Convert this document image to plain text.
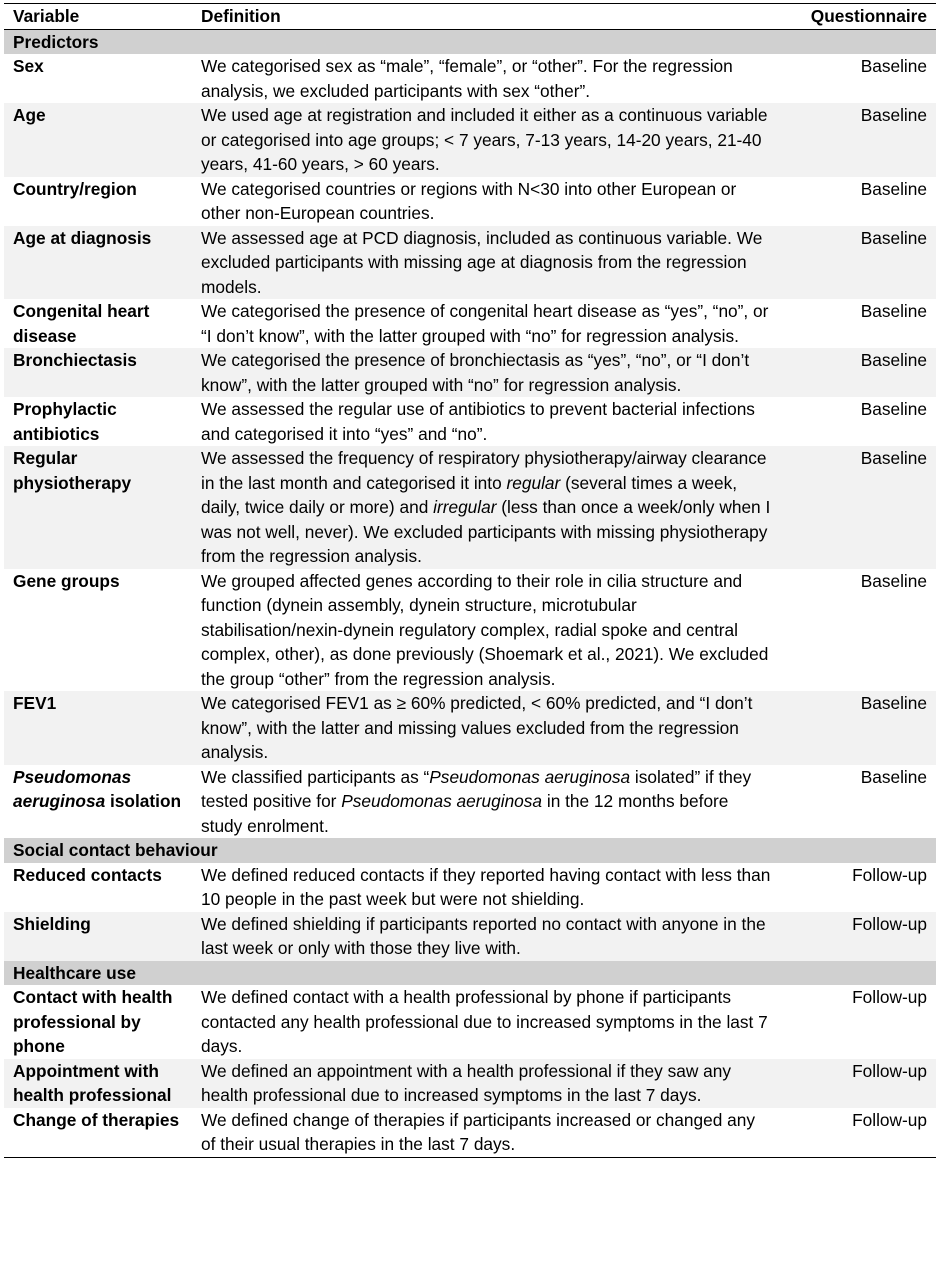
Variable	Definition	Questionnaire
Predictors		
Sex	We categorised sex as “male”, “female”, or “other”. For the regression analysis, we excluded participants with sex “other”.	Baseline
Age	We used age at registration and included it either as a continuous variable or categorised into age groups; < 7 years, 7-13 years, 14-20 years, 21-40 years, 41-60 years, > 60 years.	Baseline
Country/region	We categorised countries or regions with N<30 into other European or other non-European countries.	Baseline
Age at diagnosis	We assessed age at PCD diagnosis, included as continuous variable. We excluded participants with missing age at diagnosis from the regression models.	Baseline
Congenital heart disease	We categorised the presence of congenital heart disease as “yes”, “no”, or “I don’t know”, with the latter grouped with “no” for regression analysis.	Baseline
Bronchiectasis	We categorised the presence of bronchiectasis as “yes”, “no”, or “I don’t know”, with the latter grouped with “no” for regression analysis.	Baseline
Prophylactic antibiotics	We assessed the regular use of antibiotics to prevent bacterial infections and categorised it into “yes” and “no”.	Baseline
Regular physiotherapy	We assessed the frequency of respiratory physiotherapy/airway clearance in the last month and categorised it into regular (several times a week, daily, twice daily or more) and irregular (less than once a week/only when I was not well, never). We excluded participants with missing physiotherapy from the regression analysis.	Baseline
Gene groups	We grouped affected genes according to their role in cilia structure and function (dynein assembly, dynein structure, microtubular stabilisation/nexin-dynein regulatory complex, radial spoke and central complex, other), as done previously (Shoemark et al., 2021). We excluded the group “other” from the regression analysis.	Baseline
FEV1	We categorised FEV1 as ≥ 60% predicted, < 60% predicted, and “I don’t know”, with the latter and missing values excluded from the regression analysis.	Baseline
Pseudomonas aeruginosa isolation	We classified participants as “Pseudomonas aeruginosa isolated” if they tested positive for Pseudomonas aeruginosa in the 12 months before study enrolment.	Baseline
Social contact behaviour		
Reduced contacts	We defined reduced contacts if they reported having contact with less than 10 people in the past week but were not shielding.	Follow-up
Shielding	We defined shielding if participants reported no contact with anyone in the last week or only with those they live with.	Follow-up
Healthcare use		
Contact with health professional by phone	We defined contact with a health professional by phone if participants contacted any health professional due to increased symptoms in the last 7 days.	Follow-up
Appointment with health professional	We defined an appointment with a health professional if they saw any health professional due to increased symptoms in the last 7 days.	Follow-up
Change of therapies	We defined change of therapies if participants increased or changed any of their usual therapies in the last 7 days.	Follow-up
